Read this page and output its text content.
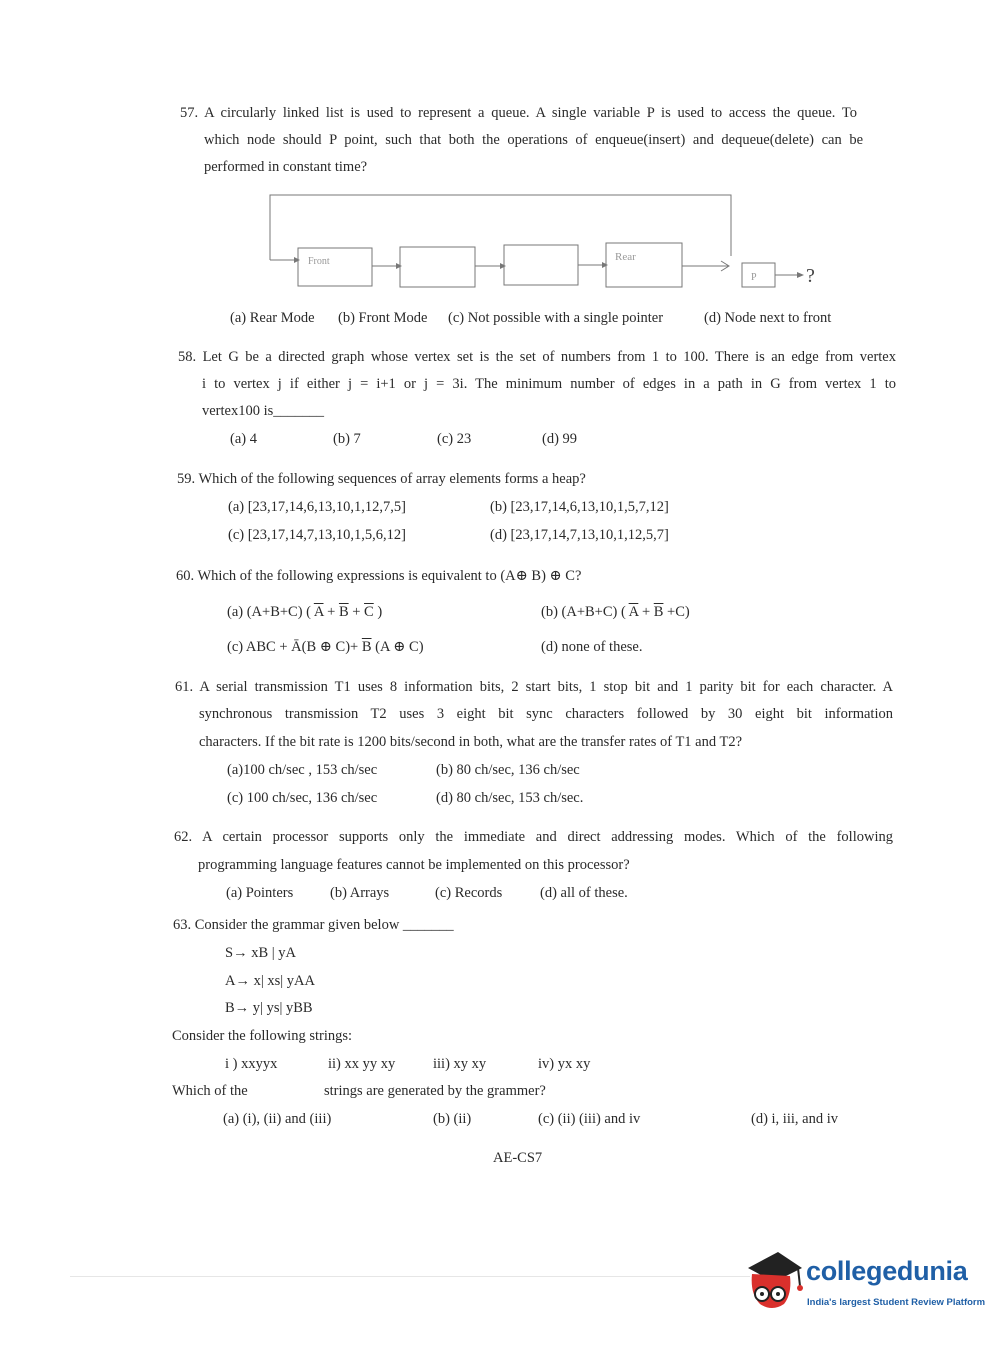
57. A circularly linked list is used to represent a queue. A single variable P is used to access the queue. To
which node should P point, such that both the operations of enqueue(insert) and dequeue(delete) can be
performed in constant time?
Front	Rear
P ?
(a) Rear Mode (b) Front Mode (c) Not possible with a single pointer	(d) Node next to front
58. Let G be a directed graph whose vertex set is the set of numbers from 1 to 100. There is an edge from vertex
i to vertex j if either j = i+1 or j = 3i. The minimum number of edges in a path in G from vertex 1 to
vertex100 is_______
(a) 4	(b) 7	(c) 23	(d) 99
59. Which of the following sequences of array elements forms a heap?
(a) [23,17,14,6,13,10,1,12,7,5]	(b) [23,17,14,6,13,10,1,5,7,12]
(c) [23,17,14,7,13,10,1,5,6,12]	(d) [23,17,14,7,13,10,1,12,5,7]
60. Which of the following expressions is equivalent to (A⊕ B) ⊕ C?
(a) (A+B+C) ( $\overline{A} + \overline{B} + \overline{C}$ )	(b) (A+B+C) ( $\overline{A} + \overline{B} +C$)
(c) ABC + Ā(B ⊕ $C)+ \overline{B}$ (A ⊕ C)	(d) none of these.
61. A serial transmission T1 uses 8 information bits, 2 start bits, 1 stop bit and 1 parity bit for each character. A
synchronous transmission T2 uses 3 eight bit sync characters followed by 30 eight bit information
characters. If the bit rate is 1200 bits/second in both, what are the transfer rates of T1 and T2?
(a)100 ch/sec , 153 ch/sec	(b) 80 ch/sec, 136 ch/sec
(c) 100 ch/sec, 136 ch/sec	(d) 80 ch/sec, 153 ch/sec.
62. A certain processor supports only the immediate and direct addressing modes. Which of the following
programming language features cannot be implemented on this processor?
(a) Pointers	(b) Arrays	(c) Records	(d) all of these.
63. Consider the grammar given below _______
S→ xB | yA
A→ x| xs| yAA
B→ y| ys| yBB
Consider the following strings:
i ) xxyyx	ii) xx yy xy	iii) xy xy	iv) yx xy
Which of the	strings are generated by the grammer?
(a) (i), (ii) and (iii)	(b) (ii)	(c) (ii) (iii) and iv	(d) i, iii, and iv
AE-CS7
collegedunia
India's largest Student Review Platform
